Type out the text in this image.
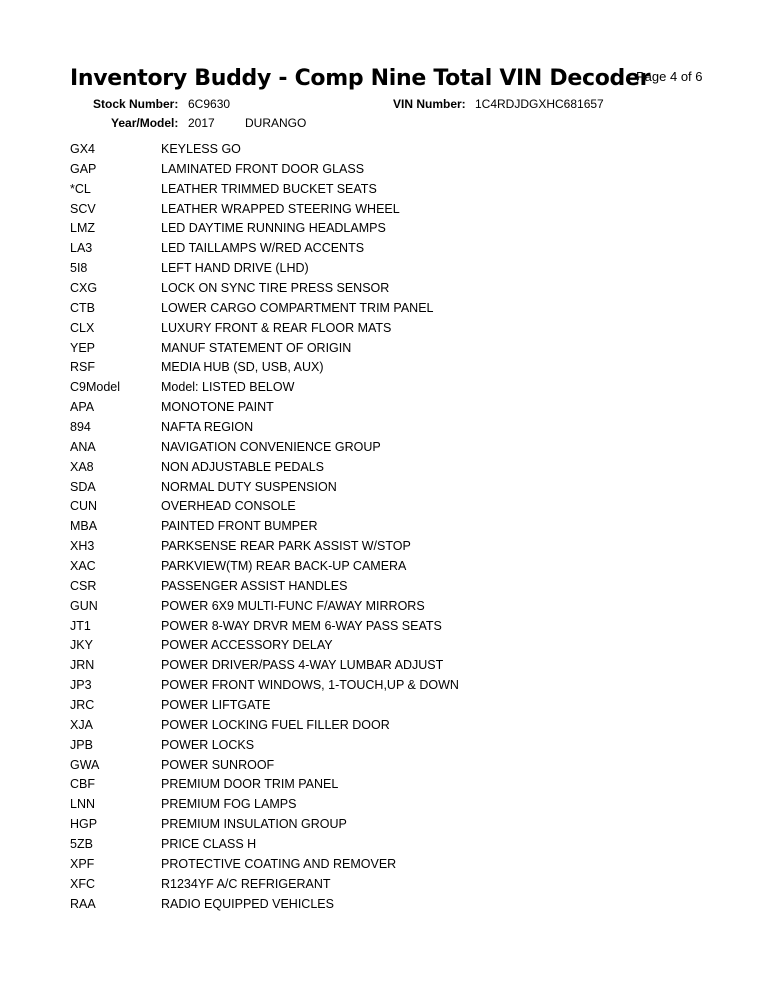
Inventory Buddy - Comp Nine Total VIN Decoder
Page 4 of 6
Stock Number: 6C9630	VIN Number: 1C4RDJDGXHC681657
Year/Model: 2017	DURANGO
GX4	KEYLESS GO
GAP	LAMINATED FRONT DOOR GLASS
*CL	LEATHER TRIMMED BUCKET SEATS
SCV	LEATHER WRAPPED STEERING WHEEL
LMZ	LED DAYTIME RUNNING HEADLAMPS
LA3	LED TAILLAMPS W/RED ACCENTS
5I8	LEFT HAND DRIVE (LHD)
CXG	LOCK ON SYNC TIRE PRESS SENSOR
CTB	LOWER CARGO COMPARTMENT TRIM PANEL
CLX	LUXURY FRONT & REAR FLOOR MATS
YEP	MANUF STATEMENT OF ORIGIN
RSF	MEDIA HUB (SD, USB, AUX)
C9Model	Model: LISTED BELOW
APA	MONOTONE PAINT
894	NAFTA REGION
ANA	NAVIGATION CONVENIENCE GROUP
XA8	NON ADJUSTABLE PEDALS
SDA	NORMAL DUTY SUSPENSION
CUN	OVERHEAD CONSOLE
MBA	PAINTED FRONT BUMPER
XH3	PARKSENSE REAR PARK ASSIST W/STOP
XAC	PARKVIEW(TM) REAR BACK-UP CAMERA
CSR	PASSENGER ASSIST HANDLES
GUN	POWER 6X9 MULTI-FUNC F/AWAY MIRRORS
JT1	POWER 8-WAY DRVR MEM 6-WAY PASS SEATS
JKY	POWER ACCESSORY DELAY
JRN	POWER DRIVER/PASS 4-WAY LUMBAR ADJUST
JP3	POWER FRONT WINDOWS, 1-TOUCH,UP & DOWN
JRC	POWER LIFTGATE
XJA	POWER LOCKING FUEL FILLER DOOR
JPB	POWER LOCKS
GWA	POWER SUNROOF
CBF	PREMIUM DOOR TRIM PANEL
LNN	PREMIUM FOG LAMPS
HGP	PREMIUM INSULATION GROUP
5ZB	PRICE CLASS H
XPF	PROTECTIVE COATING AND REMOVER
XFC	R1234YF A/C REFRIGERANT
RAA	RADIO EQUIPPED VEHICLES
